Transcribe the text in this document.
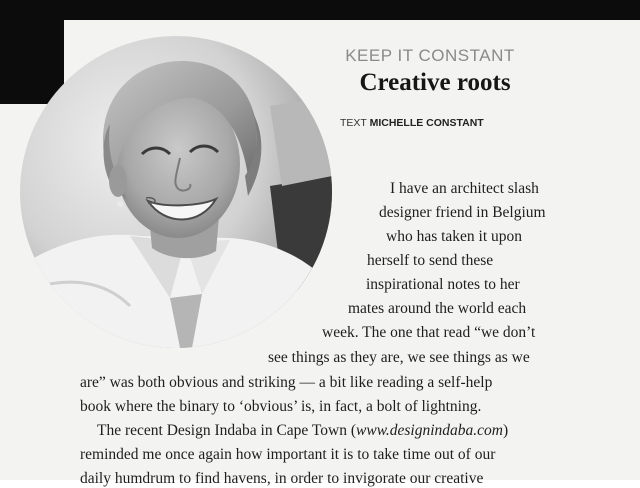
KEEP IT CONSTANT
Creative roots
TEXT MICHELLE CONSTANT
I have an architect slash
designer friend in Belgium
who has taken it upon
herself to send these
inspirational notes to her
mates around the world each
week. The one that read “we don’t
see things as they are, we see things as we
are” was both obvious and striking — a bit like reading a self-help
book where the binary to ‘obvious’ is, in fact, a bolt of lightning.
The recent Design Indaba in Cape Town (www.designindaba.com)
reminded me once again how important it is to take time out of our
daily humdrum to find havens, in order to invigorate our creative
